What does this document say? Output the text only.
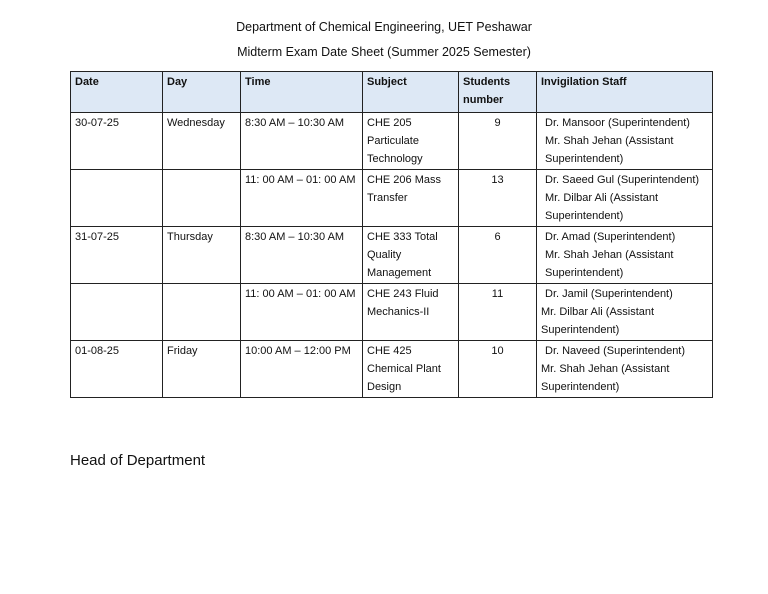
Department of Chemical Engineering, UET Peshawar
Midterm Exam Date Sheet (Summer 2025 Semester)
Date	Day	Time	Subject	Students number	Invigilation Staff
30-07-25	Wednesday	8:30 AM – 10:30 AM	CHE 205 Particulate Technology	9	Dr. Mansoor (Superintendent)
Mr. Shah Jehan (Assistant Superintendent)

		11: 00 AM – 01: 00 AM	CHE 206 Mass Transfer	13	Dr. Saeed Gul (Superintendent)
Mr. Dilbar Ali (Assistant Superintendent)

31-07-25	Thursday	8:30 AM – 10:30 AM	CHE 333 Total Quality Management	6	Dr. Amad (Superintendent)
Mr. Shah Jehan (Assistant Superintendent)

		11: 00 AM – 01: 00 AM	CHE 243 Fluid Mechanics-II	11	Dr. Jamil (Superintendent)
Mr. Dilbar Ali (Assistant Superintendent)

01-08-25	Friday	10:00 AM – 12:00 PM	CHE 425 Chemical Plant Design	10	Dr. Naveed (Superintendent)
Mr. Shah Jehan (Assistant Superintendent)
Head of Department
